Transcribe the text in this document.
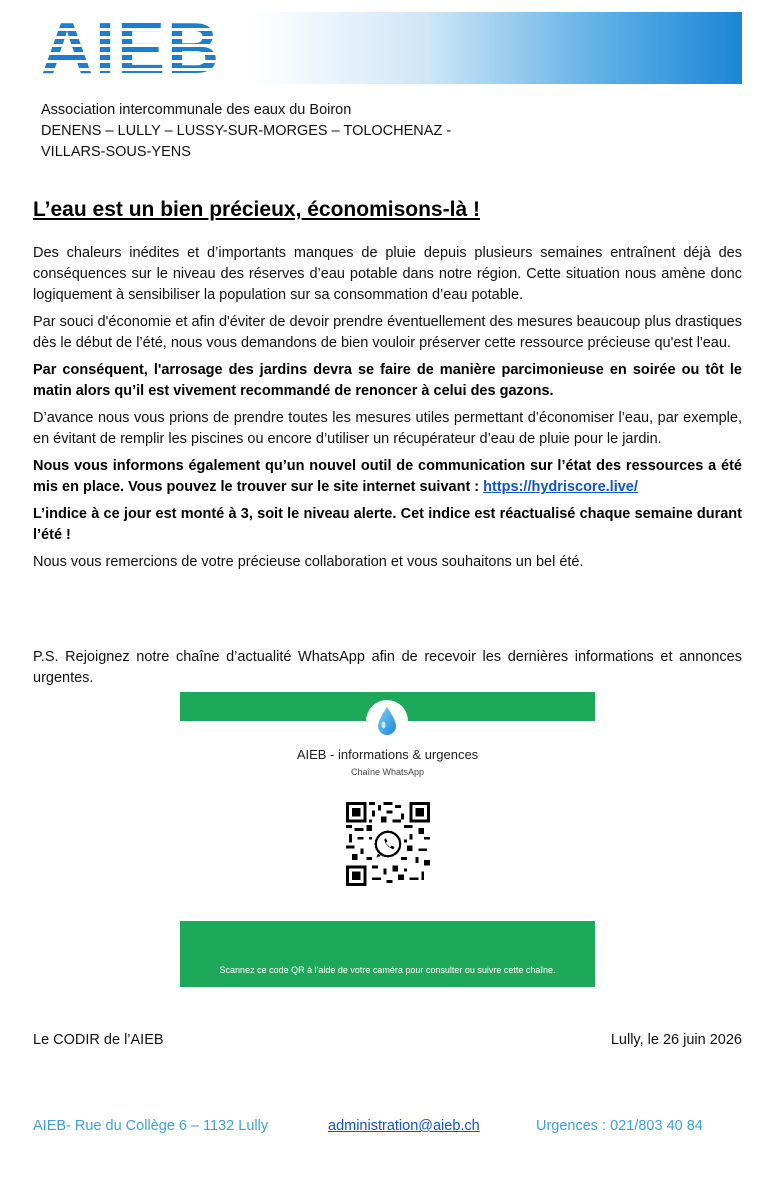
AIEB
Association intercommunale des eaux du Boiron
DENENS – LULLY – LUSSY-SUR-MORGES – TOLOCHENAZ -
VILLARS-SOUS-YENS
L’eau est un bien précieux, économisons-là !

Des chaleurs inédites et d’importants manques de pluie depuis plusieurs semaines entraînent déjà des conséquences sur le niveau des réserves d’eau potable dans notre région. Cette situation nous amène donc logiquement à sensibiliser la population sur sa consommation d’eau potable.

Par souci d'économie et afin d'éviter de devoir prendre éventuellement des mesures beaucoup plus drastiques dès le début de l’été, nous vous demandons de bien vouloir préserver cette ressource précieuse qu'est l'eau.

Par conséquent, l'arrosage des jardins devra se faire de manière parcimonieuse en soirée ou tôt le matin alors qu’il est vivement recommandé de renoncer à celui des gazons.

D’avance nous vous prions de prendre toutes les mesures utiles permettant d’économiser l’eau, par exemple, en évitant de remplir les piscines ou encore d’utiliser un récupérateur d’eau de pluie pour le jardin.

Nous vous informons également qu’un nouvel outil de communication sur l’état des ressources a été mis en place. Vous pouvez le trouver sur le site internet suivant : https://hydriscore.live/

L’indice à ce jour est monté à 3, soit le niveau alerte. Cet indice est réactualisé chaque semaine durant l’été !

Nous vous remercions de votre précieuse collaboration et vous souhaitons un bel été.

P.S. Rejoignez notre chaîne d’actualité WhatsApp afin de recevoir les dernières informations et annonces urgentes.
AIEB - informations & urgences
Chaîne WhatsApp
Scannez ce code QR à l'aide de votre caméra pour consulter ou suivre cette chaîne.
Le CODIR de l’AIEB	Lully, le 26 juin 2026
AIEB- Rue du Collège 6 – 1132 Lully	administration@aieb.ch	Urgences : 021/803 40 84
